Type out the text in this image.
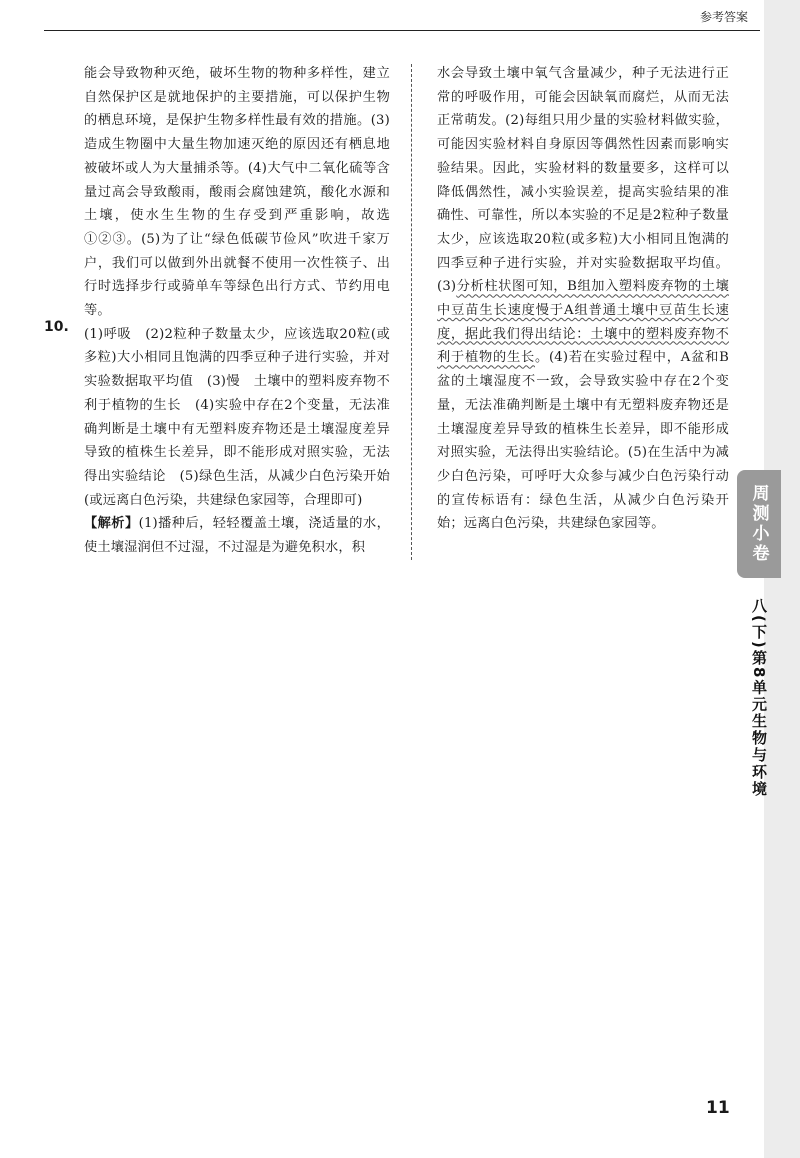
参考答案

能会导致物种灭绝，破坏生物的物种多样性，建立自然保护区是就地保护的主要措施，可以保护生物的栖息环境，是保护生物多样性最有效的措施。(3)造成生物圈中大量生物加速灭绝的原因还有栖息地被破坏或人为大量捕杀等。(4)大气中二氧化硫等含量过高会导致酸雨，酸雨会腐蚀建筑，酸化水源和土壤，使水生生物的生存受到严重影响，故选①②③。(5)为了让“绿色低碳节俭风”吹进千家万户，我们可以做到外出就餐不使用一次性筷子、出行时选择步行或骑单车等绿色出行方式、节约用电等。

(1)呼吸　(2)2粒种子数量太少，应该选取20粒(或多粒)大小相同且饱满的四季豆种子进行实验，并对实验数据取平均值　(3)慢　土壤中的塑料废弃物不利于植物的生长　(4)实验中存在2个变量，无法准确判断是土壤中有无塑料废弃物还是土壤湿度差异导致的植株生长差异，即不能形成对照实验，无法得出实验结论　(5)绿色生活，从减少白色污染开始(或远离白色污染，共建绿色家园等，合理即可)

【解析】(1)播种后，轻轻覆盖土壤，浇适量的水，使土壤湿润但不过湿，不过湿是为避免积水，积

10.

水会导致土壤中氧气含量减少，种子无法进行正常的呼吸作用，可能会因缺氧而腐烂，从而无法正常萌发。(2)每组只用少量的实验材料做实验，可能因实验材料自身原因等偶然性因素而影响实验结果。因此，实验材料的数量要多，这样可以降低偶然性，减小实验误差，提高实验结果的准确性、可靠性，所以本实验的不足是2粒种子数量太少，应该选取20粒(或多粒)大小相同且饱满的四季豆种子进行实验，并对实验数据取平均值。(3)分析柱状图可知，B组加入塑料废弃物的土壤中豆苗生长速度慢于A组普通土壤中豆苗生长速度，据此我们得出结论：土壤中的塑料废弃物不利于植物的生长。(4)若在实验过程中，A盆和B盆的土壤湿度不一致，会导致实验中存在2个变量，无法准确判断是土壤中有无塑料废弃物还是土壤湿度差异导致的植株生长差异，即不能形成对照实验，无法得出实验结论。(5)在生活中为减少白色污染，可呼吁大众参与减少白色污染行动的宣传标语有：绿色生活，从减少白色污染开始；远离白色污染，共建绿色家园等。	周测小卷
八(下)
第8单元
生物与环境
11
